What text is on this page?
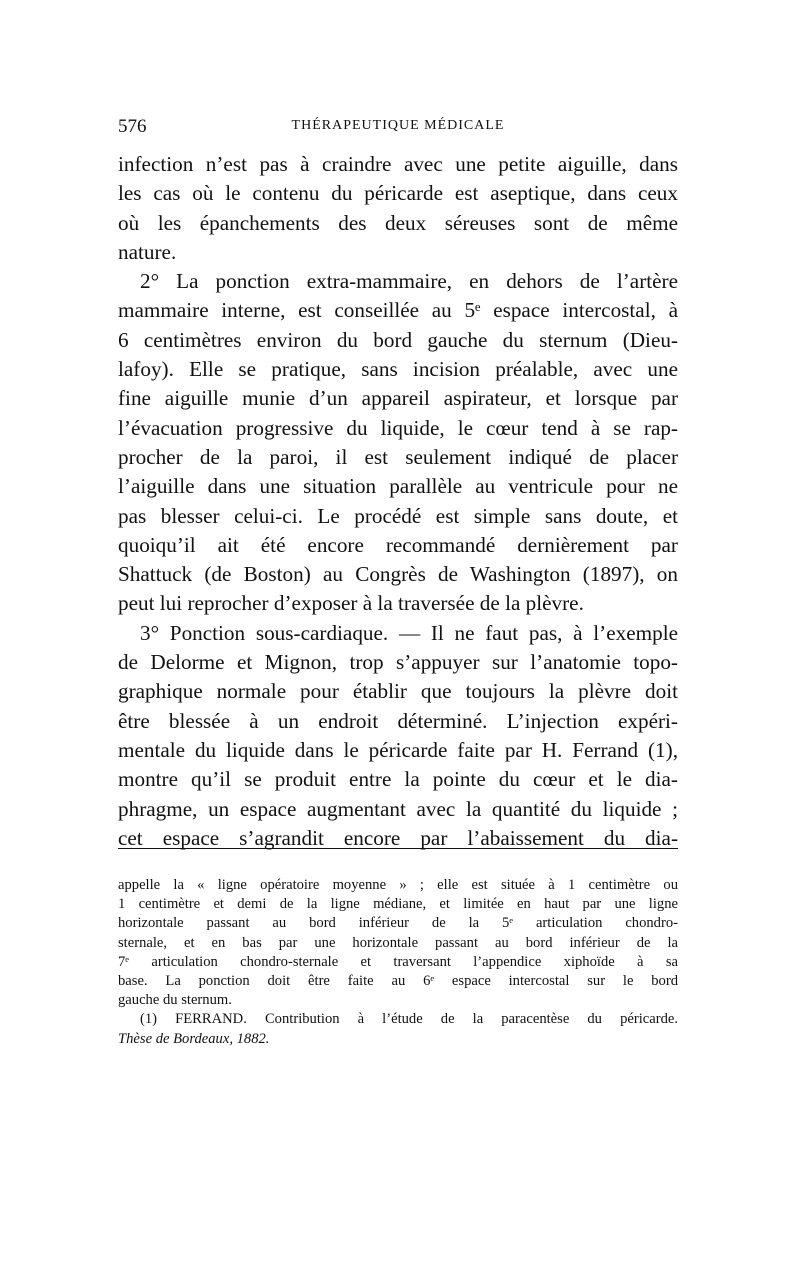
576	THÉRAPEUTIQUE MÉDICALE
infection n’est pas à craindre avec une petite aiguille, dans
les cas où le contenu du péricarde est aseptique, dans ceux
où les épanchements des deux séreuses sont de même
nature.
2° La ponction extra-mammaire, en dehors de l’artère
mammaire interne, est conseillée au 5ᵉ espace intercostal, à
6 centimètres environ du bord gauche du sternum (Dieu-
lafoy). Elle se pratique, sans incision préalable, avec une
fine aiguille munie d’un appareil aspirateur, et lorsque par
l’évacuation progressive du liquide, le cœur tend à se rap-
procher de la paroi, il est seulement indiqué de placer
l’aiguille dans une situation parallèle au ventricule pour ne
pas blesser celui-ci. Le procédé est simple sans doute, et
quoiqu’il ait été encore recommandé dernièrement par
Shattuck (de Boston) au Congrès de Washington (1897), on
peut lui reprocher d’exposer à la traversée de la plèvre.
3° Ponction sous-cardiaque. — Il ne faut pas, à l’exemple
de Delorme et Mignon, trop s’appuyer sur l’anatomie topo-
graphique normale pour établir que toujours la plèvre doit
être blessée à un endroit déterminé. L’injection expéri-
mentale du liquide dans le péricarde faite par H. Ferrand (1),
montre qu’il se produit entre la pointe du cœur et le dia-
phragme, un espace augmentant avec la quantité du liquide ;
cet espace s’agrandit encore par l’abaissement du dia-
appelle la « ligne opératoire moyenne » ; elle est située à 1 centimètre ou
1 centimètre et demi de la ligne médiane, et limitée en haut par une ligne
horizontale passant au bord inférieur de la 5ᵉ articulation chondro-
sternale, et en bas par une horizontale passant au bord inférieur de la
7ᵉ articulation chondro-sternale et traversant l’appendice xiphoïde à sa
base. La ponction doit être faite au 6ᵉ espace intercostal sur le bord
gauche du sternum.
(1) FERRAND. Contribution à l’étude de la paracentèse du péricarde.
Thèse de Bordeaux, 1882.
